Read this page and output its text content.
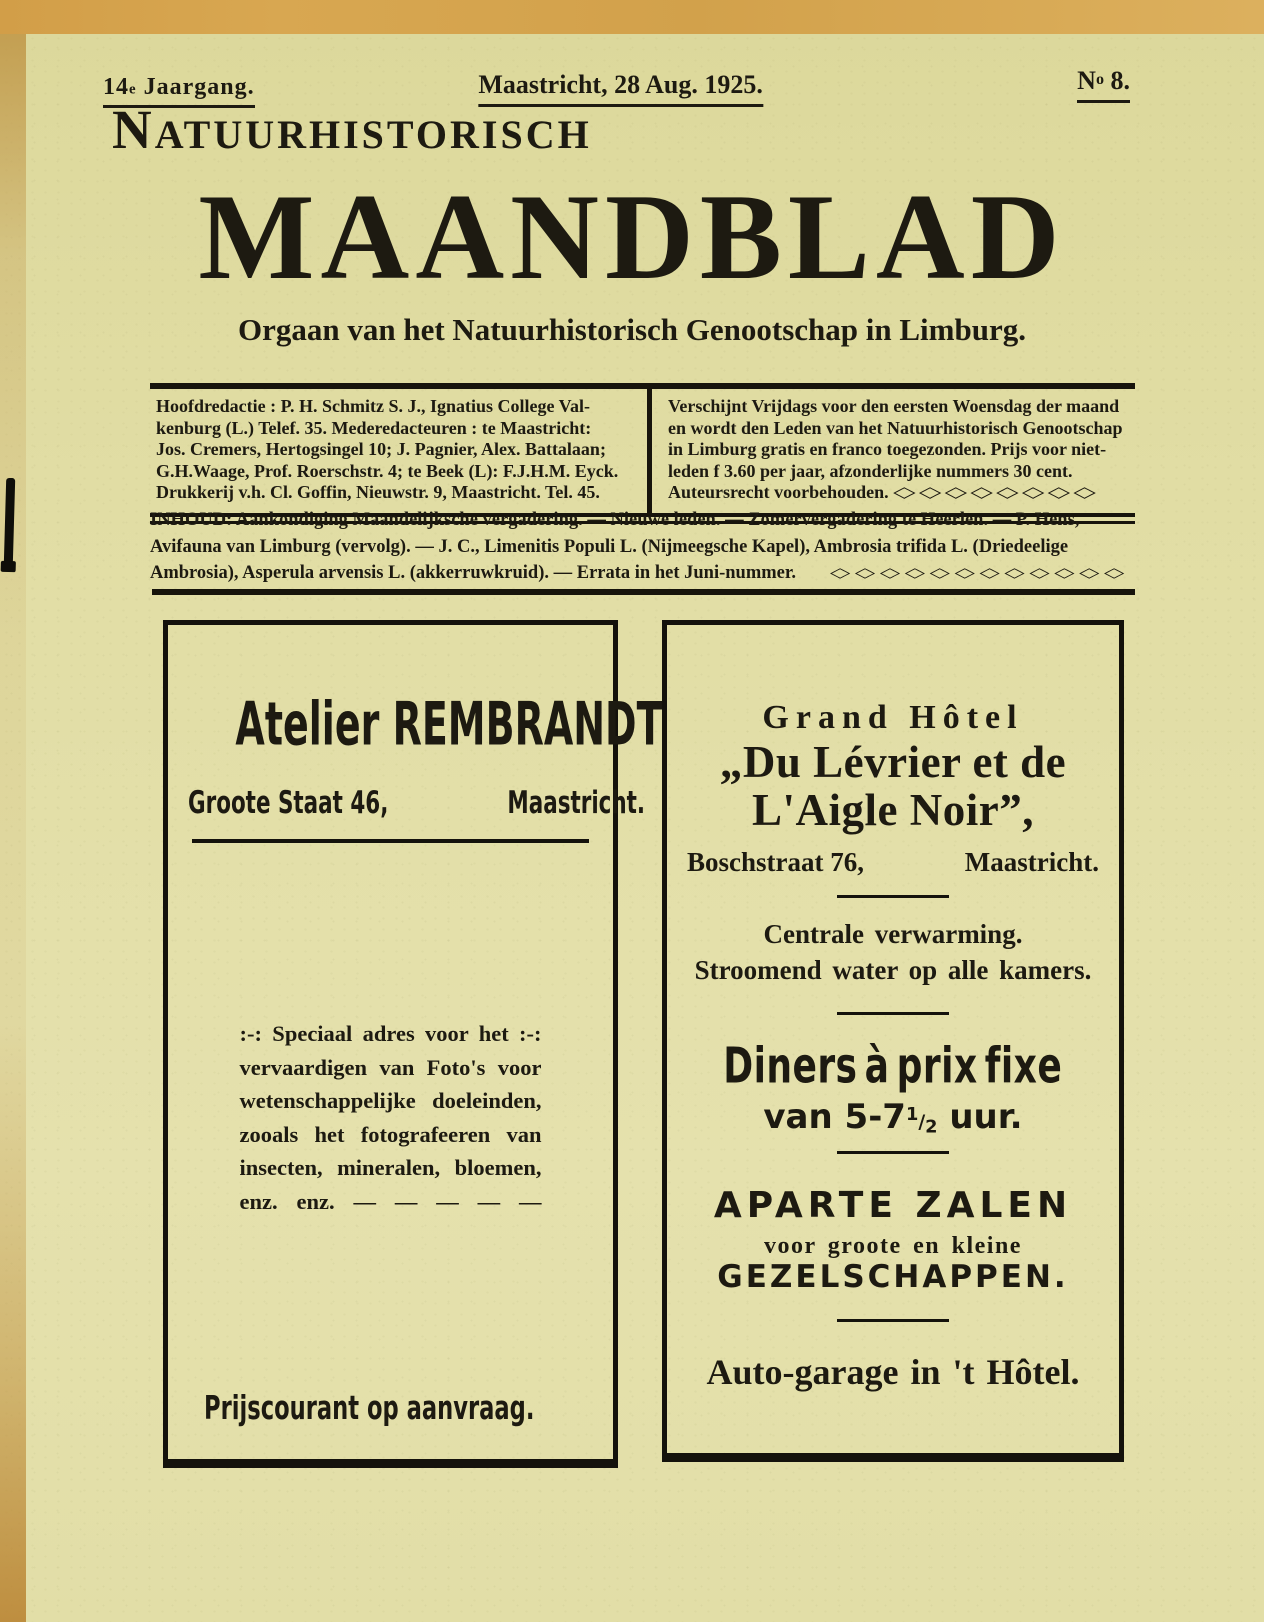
14e Jaargang.	Maastricht, 28 Aug. 1925.	No 8.
NATUURHISTORISCH
MAANDBLAD
Orgaan van het Natuurhistorisch Genootschap in Limburg.
Hoofdredactie : P. H. Schmitz S. J., Ignatius College Val-
kenburg (L.) Telef. 35. Mederedacteuren : te Maastricht:
Jos. Cremers, Hertogsingel 10; J. Pagnier, Alex. Battalaan;
G.H.Waage, Prof. Roerschstr. 4; te Beek (L): F.J.H.M. Eyck.
Drukkerij v.h. Cl. Goffin, Nieuwstr. 9, Maastricht. Tel. 45.
Verschijnt Vrijdags voor den eersten Woensdag der maand
en wordt den Leden van het Natuurhistorisch Genootschap
in Limburg gratis en franco toegezonden. Prijs voor niet-
leden f 3.60 per jaar, afzonderlijke nummers 30 cent.
Auteursrecht voorbehouden. ◇◇◇◇◇◇◇◇
INHOUD: Aankondiging Maandelijksche vergadering. — Nieuwe leden. — Zomervergadering te Heerlen. — P. Hens,
Avifauna van Limburg (vervolg). — J. C., Limenitis Populi L. (Nijmeegsche Kapel), Ambrosia trifida L. (Driedeelige
Ambrosia), Asperula arvensis L. (akkerruwkruid). — Errata in het Juni-nummer. ◇◇◇◇◇◇◇◇◇◇◇◇
Atelier REMBRANDT
Groote Staat 46,	Maastricht.
:-: Speciaal adres voor het :-:
vervaardigen van Foto's voor
wetenschappelijke doeleinden,
zooals het fotografeeren van
insecten, mineralen, bloemen,
enz. enz. — — — — —
Prijscourant op aanvraag.
Grand Hôtel
„Du Lévrier et de
L'Aigle Noir”,
Boschstraat 76,	Maastricht.
Centrale verwarming.
Stroomend water op alle kamers.
Diners à prix fixe
van $5-7^1/_2$ uur.
APARTE ZALEN
voor groote en kleine
GEZELSCHAPPEN.
Auto-garage in 't Hôtel.
